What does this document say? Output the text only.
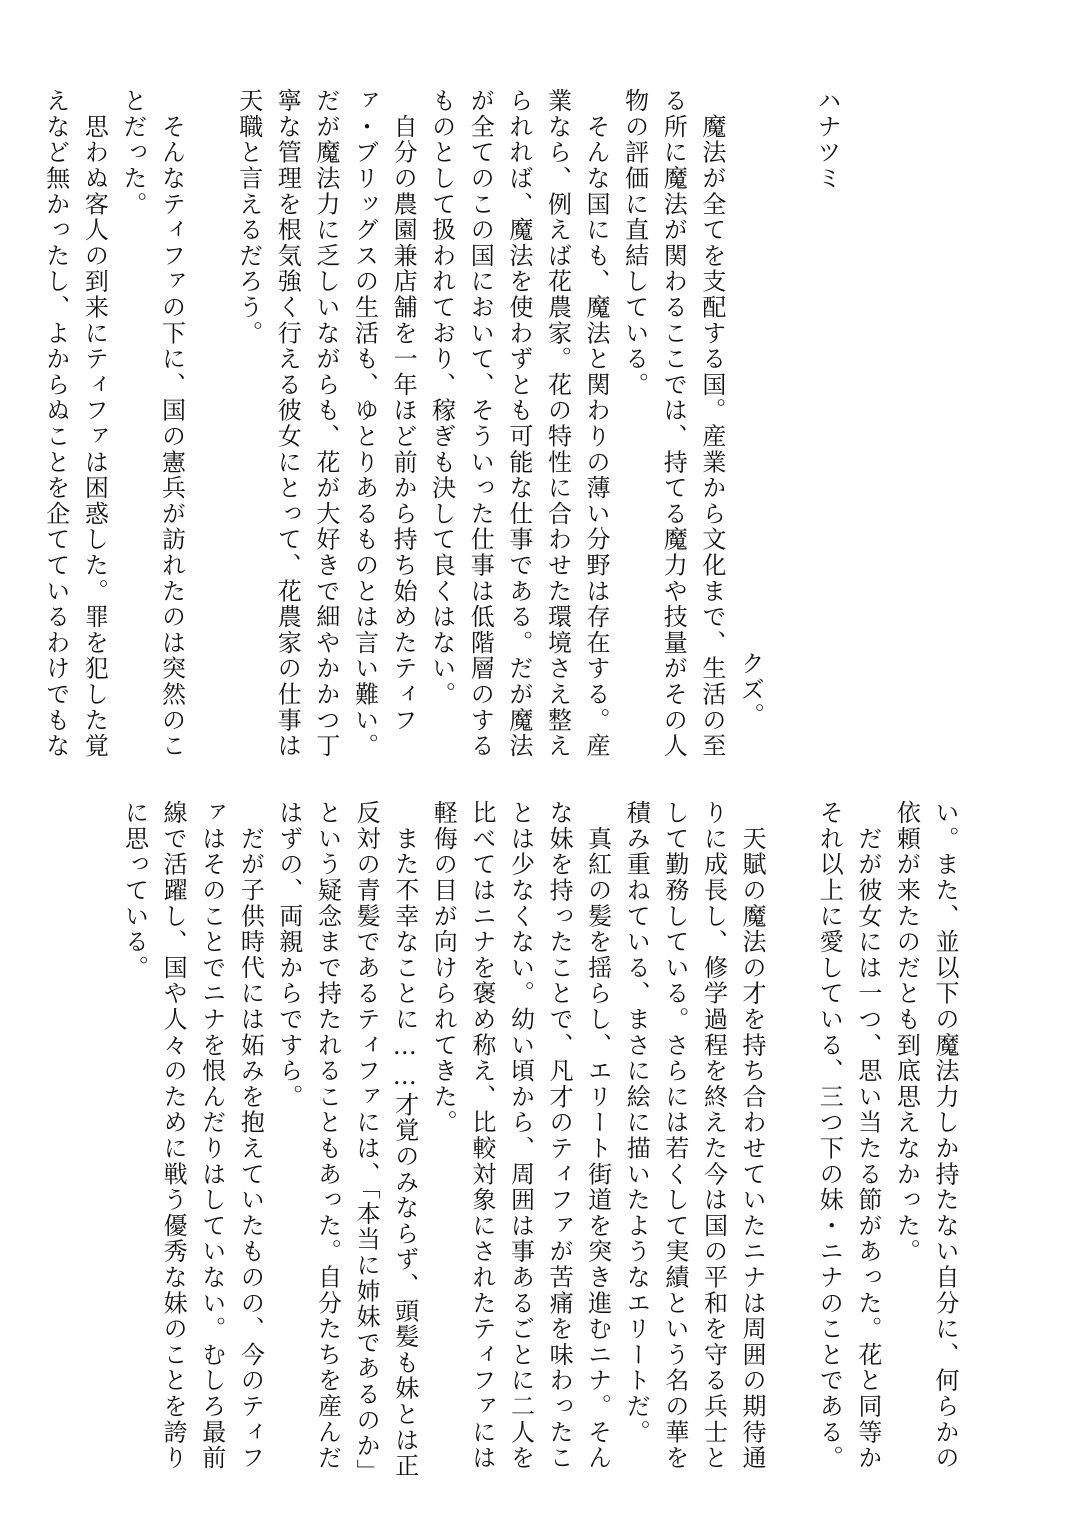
ハナツミ
クズ。
　魔法が全てを支配する国。産業から文化まで、生活の至
る所に魔法が関わるここでは、持てる魔力や技量がその人
物の評価に直結している。
　そんな国にも、魔法と関わりの薄い分野は存在する。産
業なら、例えば花農家。花の特性に合わせた環境さえ整え
られれば、魔法を使わずとも可能な仕事である。だが魔法
が全てのこの国において、そういった仕事は低階層のする
ものとして扱われており、稼ぎも決して良くはない。
　自分の農園兼店舗を一年ほど前から持ち始めたティフ
ァ・ブリッグスの生活も、ゆとりあるものとは言い難い。
だが魔法力に乏しいながらも、花が大好きで細やかかつ丁
寧な管理を根気強く行える彼女にとって、花農家の仕事は
天職と言えるだろう。
　そんなティファの下に、国の憲兵が訪れたのは突然のこ
とだった。
　思わぬ客人の到来にティファは困惑した。罪を犯した覚
えなど無かったし、よからぬことを企てているわけでもな
い。また、並以下の魔法力しか持たない自分に、何らかの
依頼が来たのだとも到底思えなかった。
　だが彼女には一つ、思い当たる節があった。花と同等か
それ以上に愛している、三つ下の妹・ニナのことである。
　天賦の魔法の才を持ち合わせていたニナは周囲の期待通
りに成長し、修学過程を終えた今は国の平和を守る兵士と
して勤務している。さらには若くして実績という名の華を
積み重ねている、まさに絵に描いたようなエリートだ。
　真紅の髪を揺らし、エリート街道を突き進むニナ。そん
な妹を持ったことで、凡才のティファが苦痛を味わったこ
とは少なくない。幼い頃から、周囲は事あるごとに二人を
比べてはニナを褒め称え、比較対象にされたティファには
軽侮の目が向けられてきた。
　また不幸なことに……才覚のみならず、頭髪も妹とは正
反対の青髪であるティファには、「本当に姉妹であるのか」
という疑念まで持たれることもあった。自分たちを産んだ
はずの、両親からですら。
　だが子供時代には妬みを抱えていたものの、今のティフ
ァはそのことでニナを恨んだりはしていない。むしろ最前
線で活躍し、国や人々のために戦う優秀な妹のことを誇り
に思っている。
